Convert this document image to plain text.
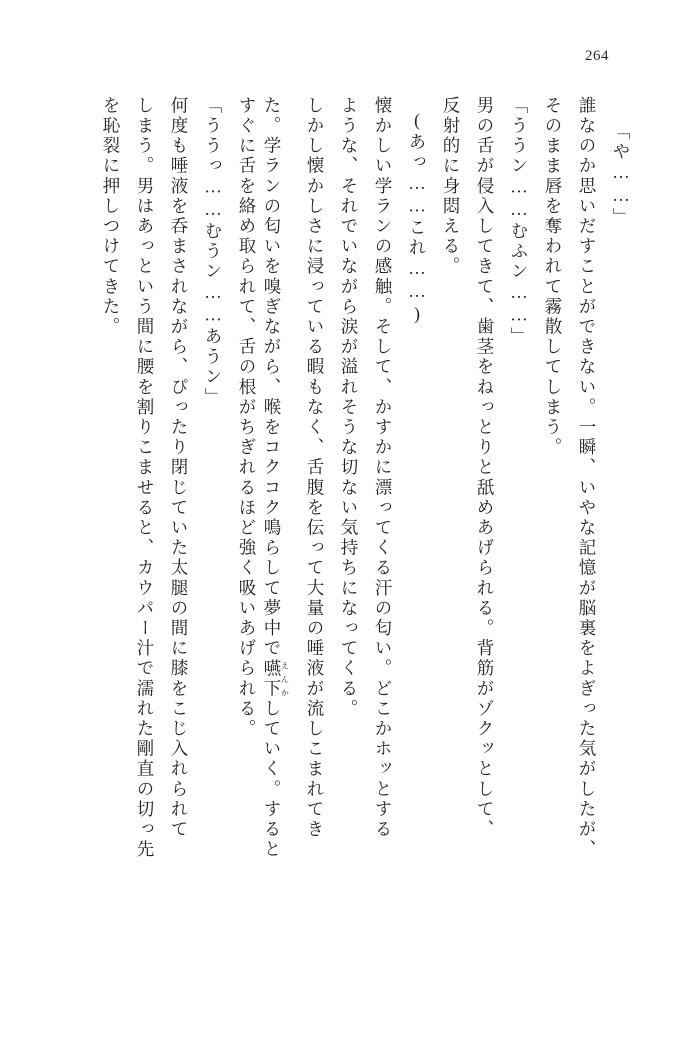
264
「や……」
誰なのか思いだすことができない。一瞬、いやな記憶が脳裏をよぎった気がしたが、
そのまま唇を奪われて霧散してしまう。
「ううン……むふン……」
男の舌が侵入してきて、歯茎をねっとりと舐めあげられる。背筋がゾクッとして、
反射的に身悶える。
(あっ……これ……)
懐かしい学ランの感触。そして、かすかに漂ってくる汗の匂い。どこかホッとする
ような、それでいながら涙が溢れそうな切ない気持ちになってくる。
しかし懐かしさに浸っている暇もなく、舌腹を伝って大量の唾液が流しこまれてき
た。学ランの匂いを嗅ぎながら、喉をコクコク鳴らして夢中で嚥下えんかしていく。すると
すぐに舌を絡め取られて、舌の根がちぎれるほど強く吸いあげられる。
「ううっ……むうン……あうン」
何度も唾液を呑まされながら、ぴったり閉じていた太腿の間に膝をこじ入れられて
しまう。男はあっという間に腰を割りこませると、カウパー汁で濡れた剛直の切っ先
を恥裂に押しつけてきた。
